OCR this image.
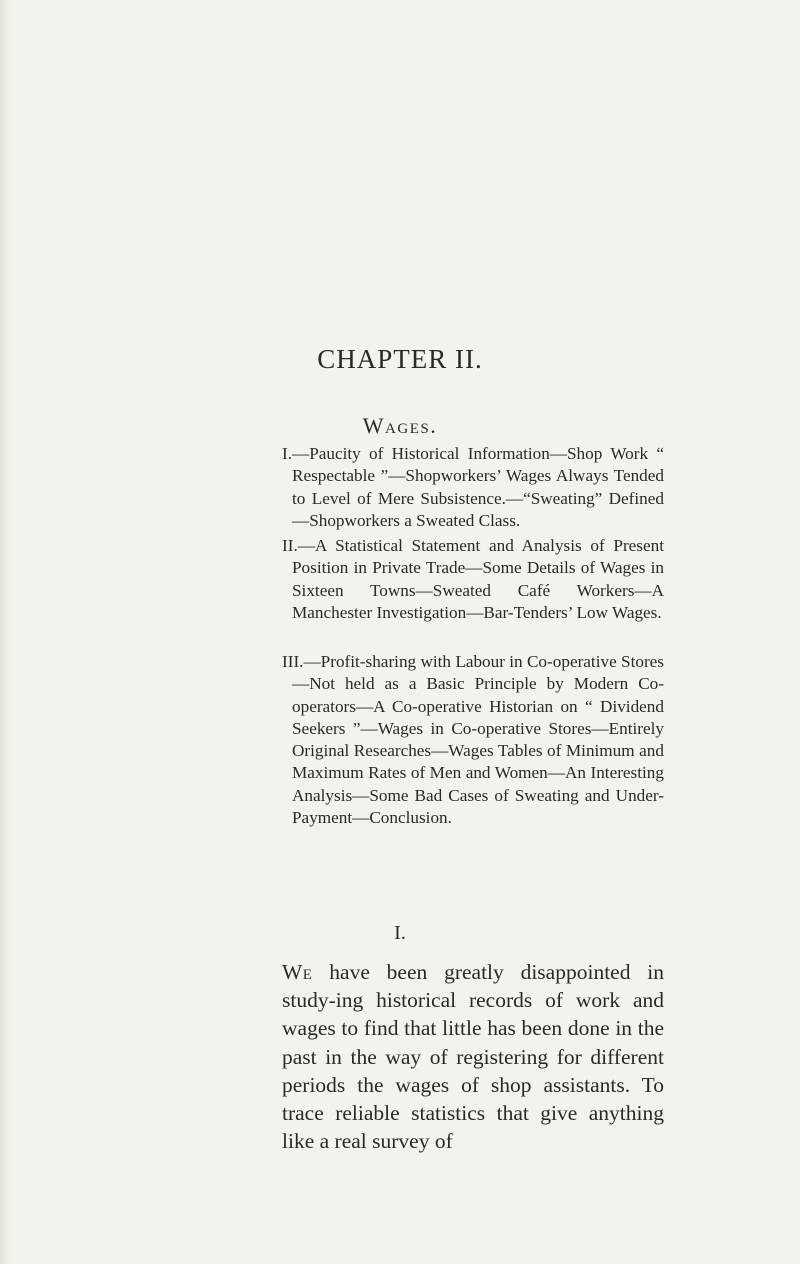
CHAPTER II.
Wages.

I.—Paucity of Historical Information—Shop Work “ Respectable ”—Shopworkers’ Wages Always Tended to Level of Mere Subsistence.—“Sweating” Defined—Shopworkers a Sweated Class.

II.—A Statistical Statement and Analysis of Present Position in Private Trade—Some Details of Wages in Sixteen Towns—Sweated Café Workers—A Manchester Investigation—Bar-Tenders’ Low Wages.

III.—Profit-sharing with Labour in Co-operative Stores—Not held as a Basic Principle by Modern Co-operators—A Co-operative Historian on “ Dividend Seekers ”—Wages in Co-operative Stores—Entirely Original Researches—Wages Tables of Minimum and Maximum Rates of Men and Women—An Interesting Analysis—Some Bad Cases of Sweating and Under-Payment—Conclusion.

I.

We have been greatly disappointed in study-ing historical records of work and wages to find that little has been done in the past in the way of registering for different periods the wages of shop assistants. To trace reliable statistics that give anything like a real survey of
